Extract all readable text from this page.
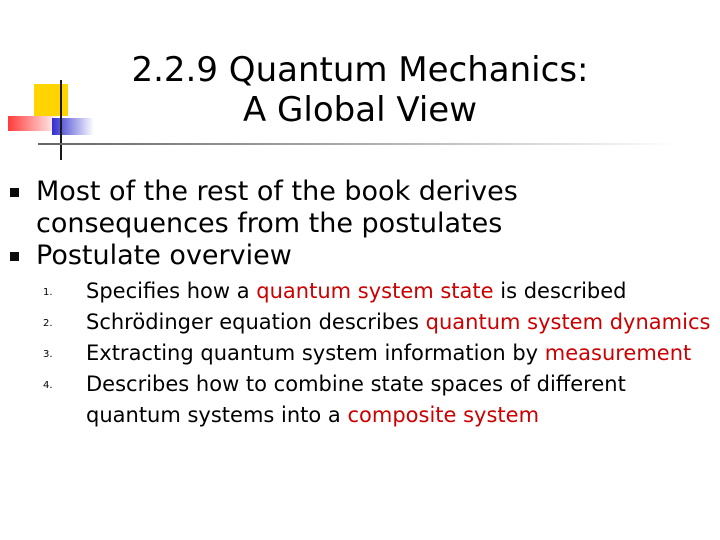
2.2.9 Quantum Mechanics:
A Global View
Most of the rest of the book derives consequences from the postulates
Postulate overview
1. Specifies how a quantum system state is described
2. Schrödinger equation describes quantum system dynamics
3. Extracting quantum system information by measurement
4. Describes how to combine state spaces of different quantum systems into a composite system
